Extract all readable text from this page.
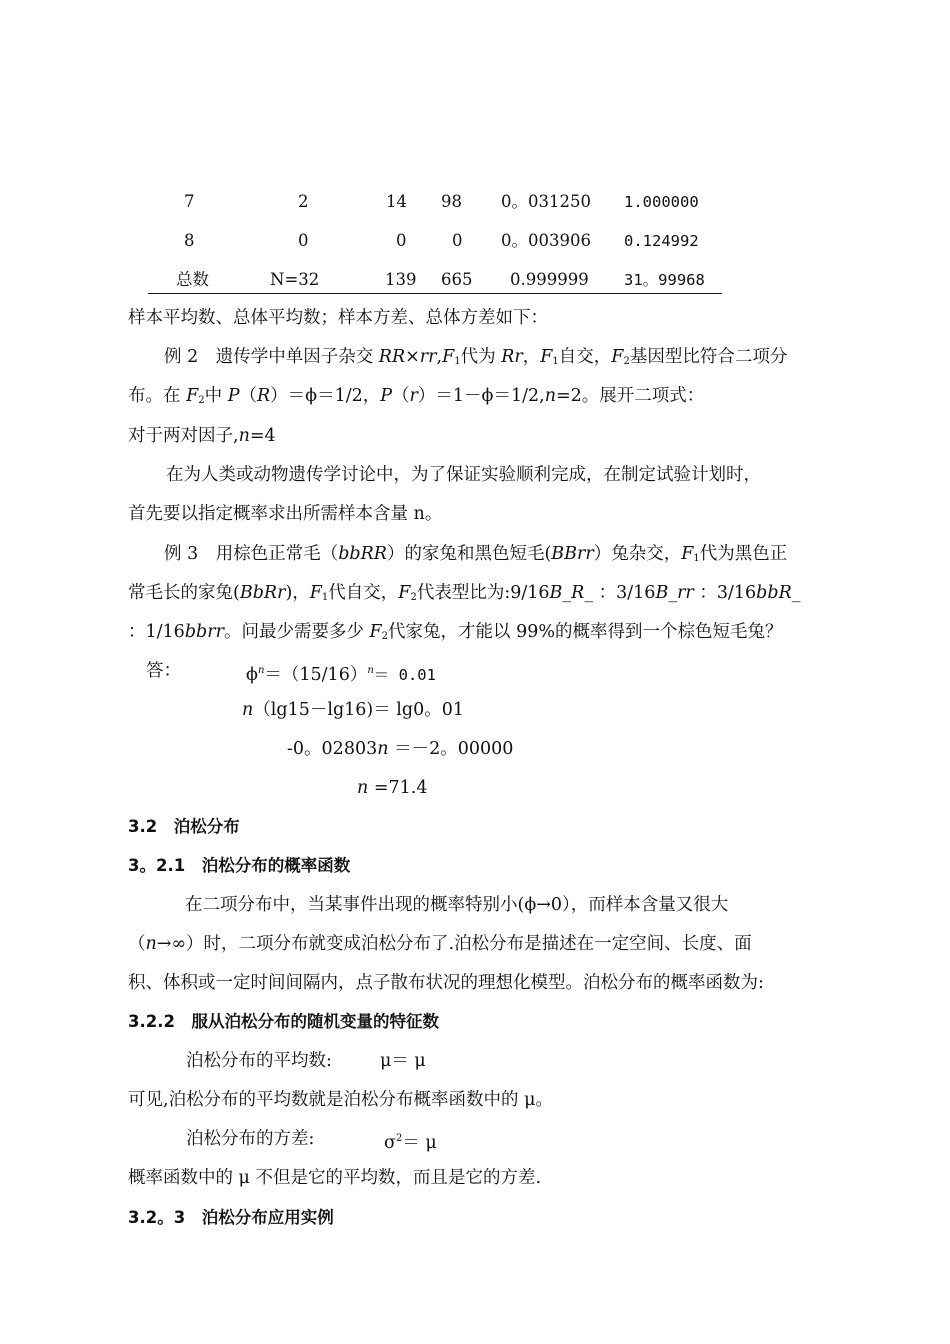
7	2	14 98 0。031250 1.000000
8	0	0	0 0。003906 0.124992
总数	N=32	139 665 0.999999 31。99968
样本平均数、总体平均数；样本方差、总体方差如下：
例 2　遗传学中单因子杂交 $RR\times rr,F_1$代为 Rr，$F_1$自交，$F_2$基因型比符合二项分
布。在 $F_2$中 P（R）＝ϕ＝1/2，P（r）＝1－ϕ＝1/2,n=2。展开二项式：
对于两对因子,n=4
在为人类或动物遗传学讨论中，为了保证实验顺利完成，在制定试验计划时，
首先要以指定概率求出所需样本含量 n。
例 3　用棕色正常毛（bbRR）的家兔和黑色短毛(BBrr）兔杂交，$F_1$代为黑色正
常毛长的家兔(BbRr)，$F_1$代自交，$F_2$代表型比为:9/16B_R_ ：3/16B_rr ：3/16bbR_
：1/16bbrr。问最少需要多少 $F_2$代家兔，才能以 99%的概率得到一个棕色短毛兔？
答：	$\phi^n=(15/16)^n= 0.01$
n（lg15－lg16)＝ lg0。01
-0。02803n ＝－2。00000
n =71.4
3.2　泊松分布
3。2.1　泊松分布的概率函数
在二项分布中，当某事件出现的概率特别小(ϕ→0），而样本含量又很大
（n→∞）时，二项分布就变成泊松分布了.泊松分布是描述在一定空间、长度、面
积、体积或一定时间间隔内，点子散布状况的理想化模型。泊松分布的概率函数为:
3.2.2　服从泊松分布的随机变量的特征数
泊松分布的平均数:	μ＝ μ
可见,泊松分布的平均数就是泊松分布概率函数中的 μ。
泊松分布的方差:	$\sigma^2= \mu$
概率函数中的 μ 不但是它的平均数，而且是它的方差.
3.2。3　泊松分布应用实例
